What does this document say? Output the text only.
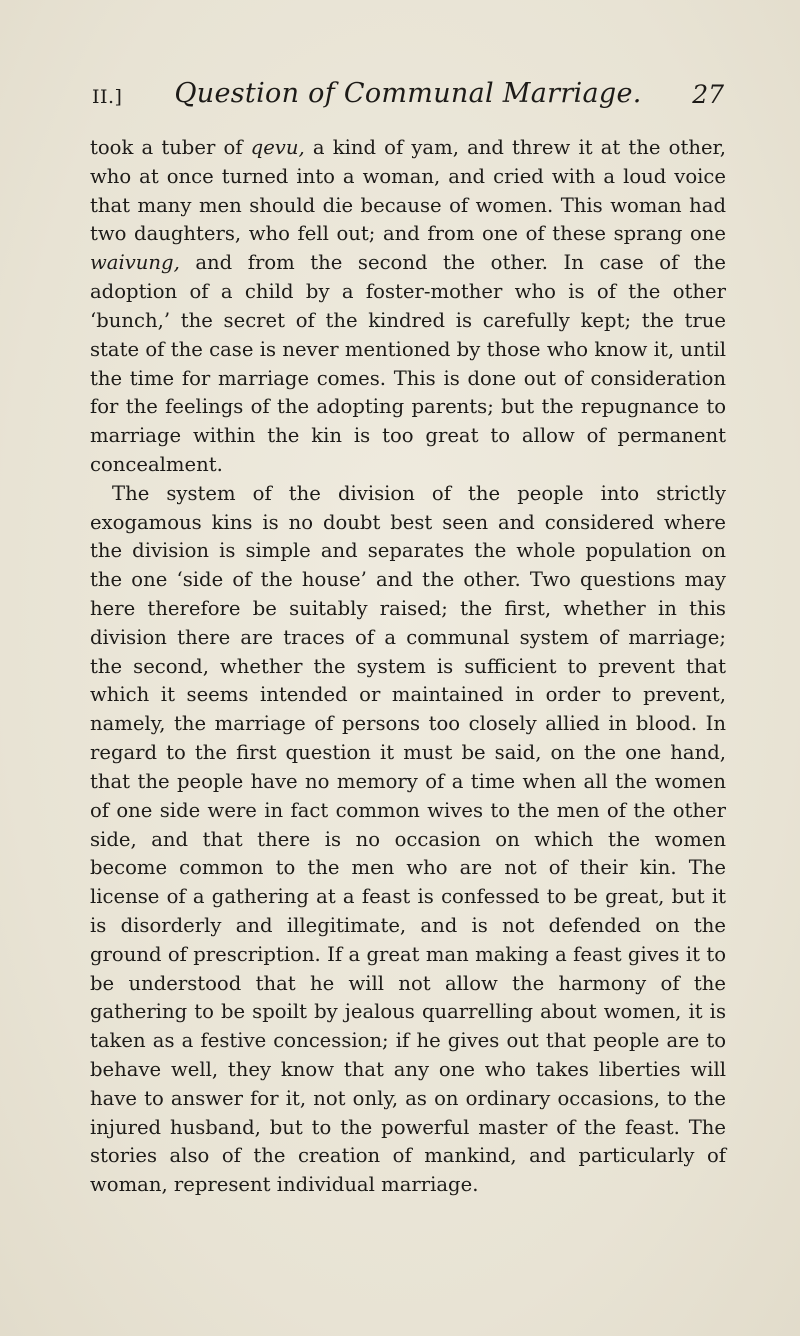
II.]	Question of Communal Marriage.	27

took a tuber of qevu, a kind of yam, and threw it at the other, who at once turned into a woman, and cried with a loud voice that many men should die because of women. This woman had two daughters, who fell out; and from one of these sprang one waivung, and from the second the other. In case of the adoption of a child by a foster-mother who is of the other ‘bunch,’ the secret of the kindred is carefully kept; the true state of the case is never mentioned by those who know it, until the time for marriage comes. This is done out of consideration for the feelings of the adopting parents; but the repugnance to marriage within the kin is too great to allow of permanent concealment.

The system of the division of the people into strictly exogamous kins is no doubt best seen and considered where the division is simple and separates the whole population on the one ‘side of the house’ and the other. Two questions may here therefore be suitably raised; the first, whether in this division there are traces of a communal system of marriage; the second, whether the system is sufficient to prevent that which it seems intended or maintained in order to prevent, namely, the marriage of persons too closely allied in blood. In regard to the first question it must be said, on the one hand, that the people have no memory of a time when all the women of one side were in fact common wives to the men of the other side, and that there is no occasion on which the women become common to the men who are not of their kin. The license of a gathering at a feast is confessed to be great, but it is disorderly and illegitimate, and is not defended on the ground of prescription. If a great man making a feast gives it to be understood that he will not allow the harmony of the gathering to be spoilt by jealous quarrelling about women, it is taken as a festive concession; if he gives out that people are to behave well, they know that any one who takes liberties will have to answer for it, not only, as on ordinary occasions, to the injured husband, but to the powerful master of the feast. The stories also of the creation of mankind, and particularly of woman, represent individual marriage.
